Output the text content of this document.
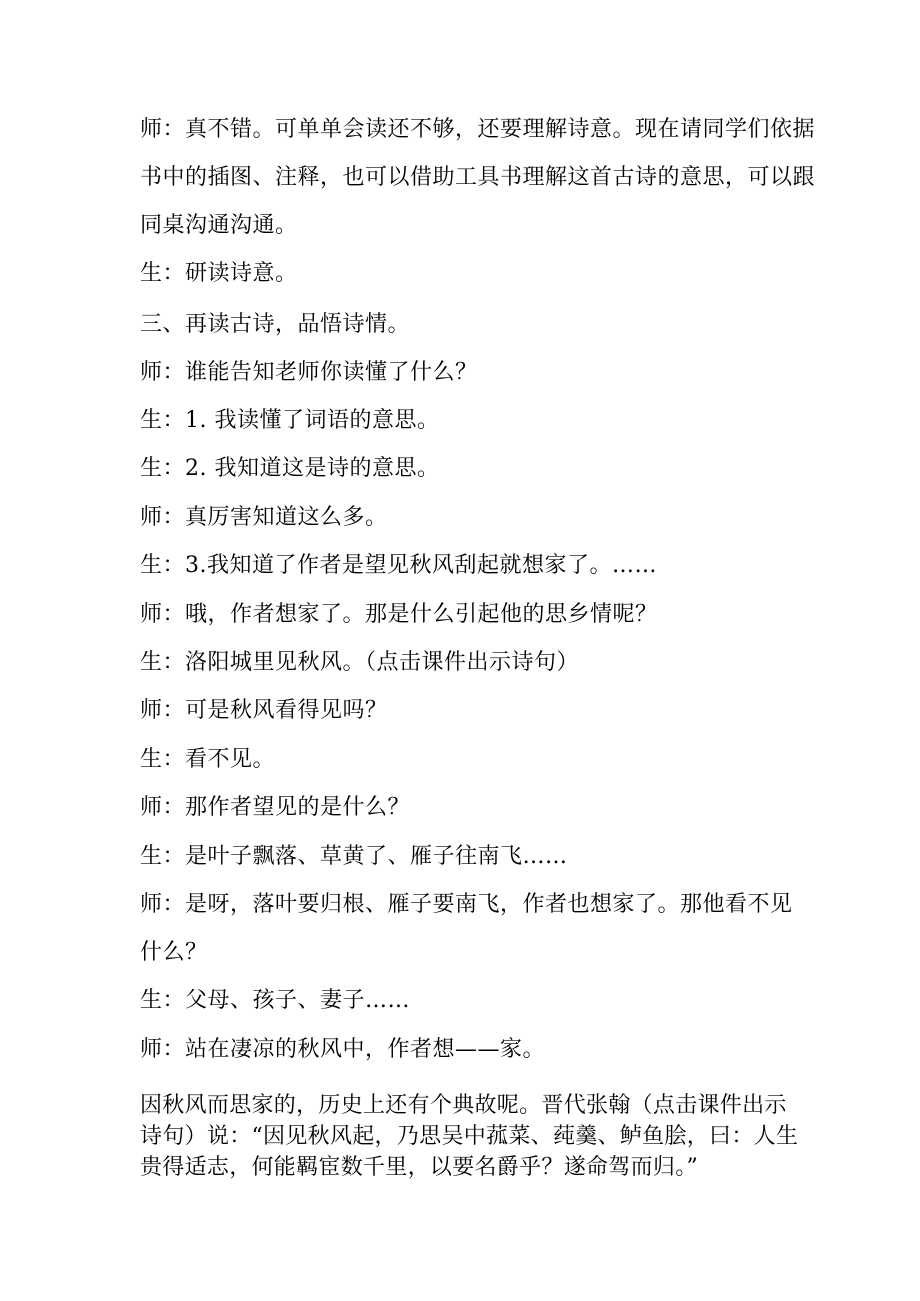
师：真不错。可单单会读还不够，还要理解诗意。现在请同学们依据
书中的插图、注释，也可以借助工具书理解这首古诗的意思，可以跟
同桌沟通沟通。
生：研读诗意。
三、再读古诗，品悟诗情。
师：谁能告知老师你读懂了什么？
生：1. 我读懂了词语的意思。
生：2. 我知道这是诗的意思。
师：真厉害知道这么多。
生：3.我知道了作者是望见秋风刮起就想家了。……
师：哦，作者想家了。那是什么引起他的思乡情呢？
生：洛阳城里见秋风。（点击课件出示诗句）
师：可是秋风看得见吗？
生：看不见。
师：那作者望见的是什么？
生：是叶子飘落、草黄了、雁子往南飞……
师：是呀，落叶要归根、雁子要南飞，作者也想家了。那他看不见
什么？
生：父母、孩子、妻子……
师：站在凄凉的秋风中，作者想——家。
因秋风而思家的，历史上还有个典故呢。晋代张翰（点击课件出示诗句）说：“因见秋风起，乃思吴中菰菜、莼羹、鲈鱼脍，曰：人生贵得适志，何能羁宦数千里，以要名爵乎？遂命驾而归。”
